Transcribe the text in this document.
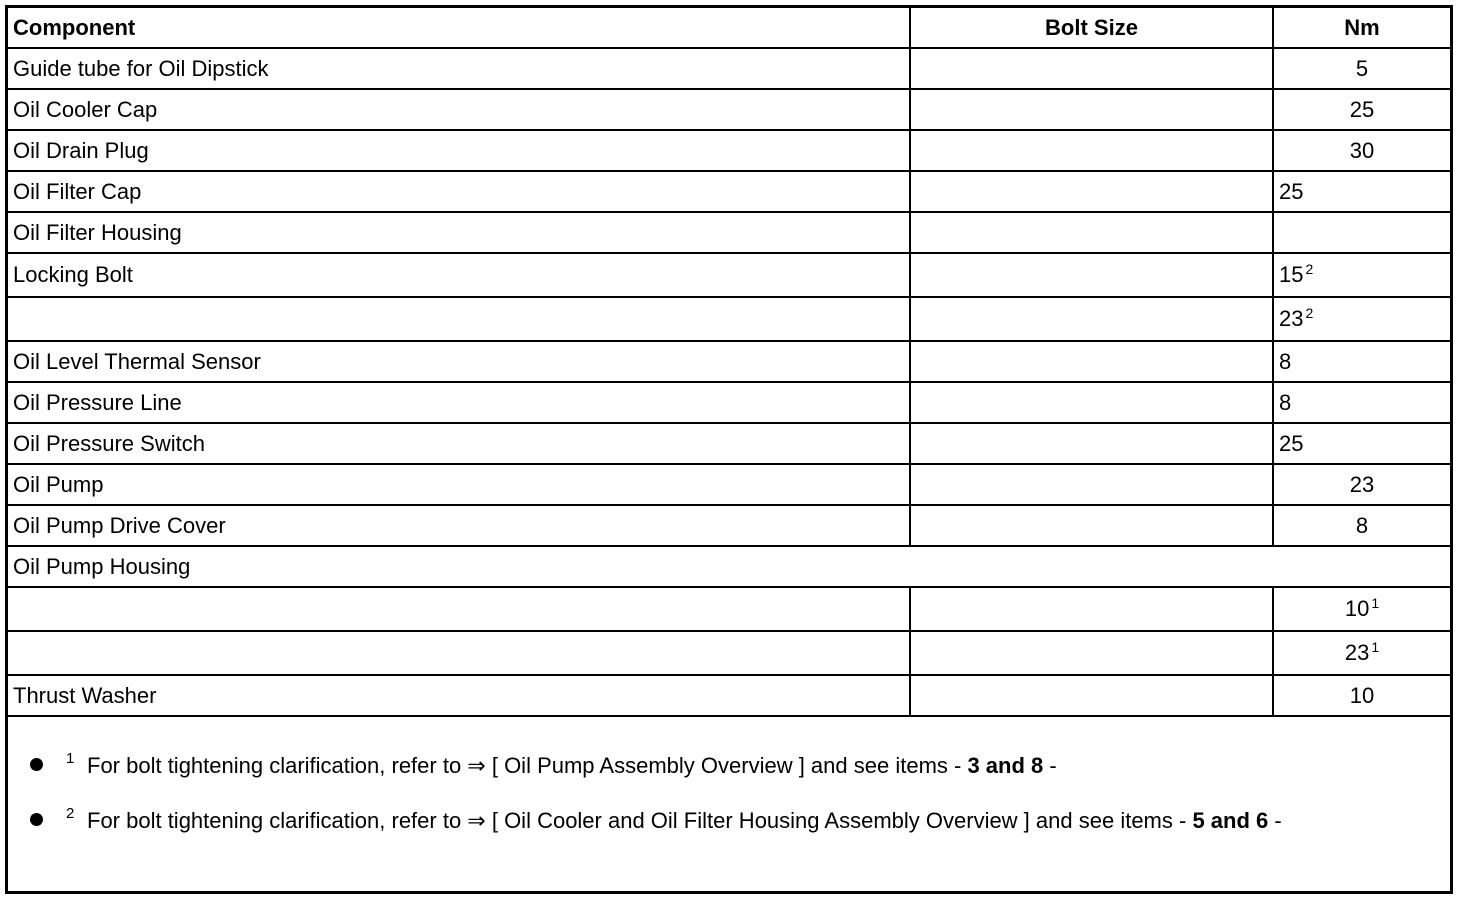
Component	Bolt Size	Nm
Guide tube for Oil Dipstick		5
Oil Cooler Cap		25
Oil Drain Plug		30
Oil Filter Cap		25
Oil Filter Housing		
Locking Bolt		15 $^2$
		23 $^2$
Oil Level Thermal Sensor		8
Oil Pressure Line		8
Oil Pressure Switch		25
Oil Pump		23
Oil Pump Drive Cover		8
Oil Pump Housing		
		10 $^1$
		23 $^1$
Thrust Washer		10
1 For bolt tightening clarification, refer to ⇒ [ Oil Pump Assembly Overview ] and see items - 3 and 8 -
2 For bolt tightening clarification, refer to ⇒ [ Oil Cooler and Oil Filter Housing Assembly Overview ] and see items - 5 and 6 -
